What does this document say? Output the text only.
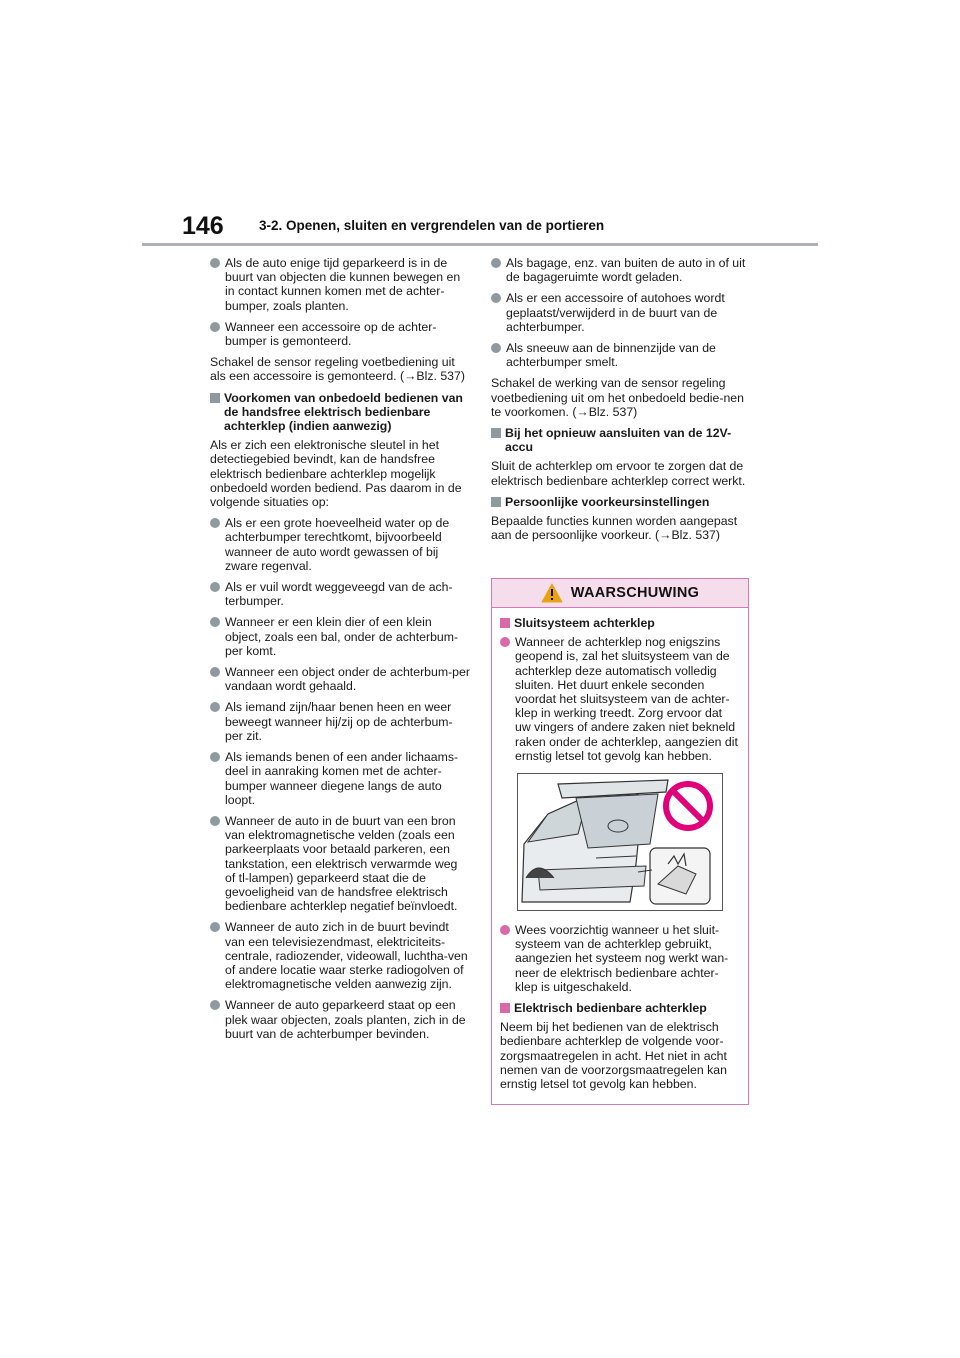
146	3-2. Openen, sluiten en vergrendelen van de portieren
Als de auto enige tijd geparkeerd is in de buurt van objecten die kunnen bewegen en in contact kunnen komen met de achter-bumper, zoals planten.
Wanneer een accessoire op de achter-bumper is gemonteerd.

Schakel de sensor regeling voetbediening uit als een accessoire is gemonteerd. (→Blz. 537)

Voorkomen van onbedoeld bedienen van de handsfree elektrisch bedienbare achterklep (indien aanwezig)

Als er zich een elektronische sleutel in het detectiegebied bevindt, kan de handsfree elektrisch bedienbare achterklep mogelijk onbedoeld worden bediend. Pas daarom in de volgende situaties op:

Als er een grote hoeveelheid water op de achterbumper terechtkomt, bijvoorbeeld wanneer de auto wordt gewassen of bij zware regenval.
Als er vuil wordt weggeveegd van de ach-terbumper.
Wanneer er een klein dier of een klein object, zoals een bal, onder de achterbum-per komt.
Wanneer een object onder de achterbum-per vandaan wordt gehaald.
Als iemand zijn/haar benen heen en weer beweegt wanneer hij/zij op de achterbum-per zit.
Als iemands benen of een ander lichaams-deel in aanraking komen met de achter-bumper wanneer diegene langs de auto loopt.
Wanneer de auto in de buurt van een bron van elektromagnetische velden (zoals een parkeerplaats voor betaald parkeren, een tankstation, een elektrisch verwarmde weg of tl-lampen) geparkeerd staat die de gevoeligheid van de handsfree elektrisch bedienbare achterklep negatief beïnvloedt.
Wanneer de auto zich in de buurt bevindt van een televisiezendmast, elektriciteits-centrale, radiozender, videowall, luchtha-ven of andere locatie waar sterke radiogolven of elektromagnetische velden aanwezig zijn.
Wanneer de auto geparkeerd staat op een plek waar objecten, zoals planten, zich in de buurt van de achterbumper bevinden.
Als bagage, enz. van buiten de auto in of uit de bagageruimte wordt geladen.
Als er een accessoire of autohoes wordt geplaatst/verwijderd in de buurt van de achterbumper.
Als sneeuw aan de binnenzijde van de achterbumper smelt.

Schakel de werking van de sensor regeling voetbediening uit om het onbedoeld bedie-nen te voorkomen. (→Blz. 537)

Bij het opnieuw aansluiten van de 12V-accu

Sluit de achterklep om ervoor te zorgen dat de elektrisch bedienbare achterklep correct werkt.

Persoonlijke voorkeursinstellingen

Bepaalde functies kunnen worden aangepast aan de persoonlijke voorkeur. (→Blz. 537)

WAARSCHUWING
Sluitsysteem achterklep
Wanneer de achterklep nog enigszins geopend is, zal het sluitsysteem van de achterklep deze automatisch volledig sluiten. Het duurt enkele seconden voordat het sluitsysteem van de achter-klep in werking treedt. Zorg ervoor dat uw vingers of andere zaken niet bekneld raken onder de achterklep, aangezien dit ernstig letsel tot gevolg kan hebben.
Wees voorzichtig wanneer u het sluit-systeem van de achterklep gebruikt, aangezien het systeem nog werkt wan-neer de elektrisch bedienbare achter-klep is uitgeschakeld.
Elektrisch bedienbare achterklep

Neem bij het bedienen van de elektrisch bedienbare achterklep de volgende voor-zorgsmaatregelen in acht. Het niet in acht nemen van de voorzorgsmaatregelen kan ernstig letsel tot gevolg kan hebben.
